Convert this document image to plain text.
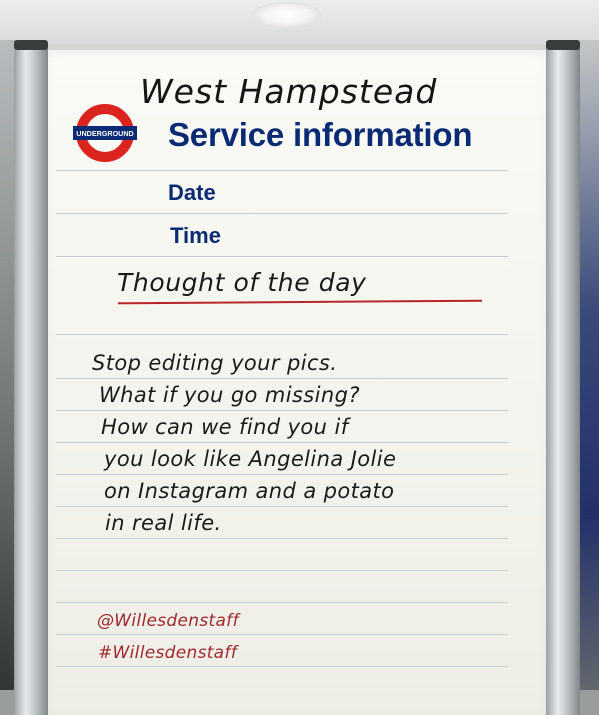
West Hampstead
UNDERGROUND Service information
Date
Time
Thought of the day
Stop editing your pics.
What if you go missing?
How can we find you if
you look like Angelina Jolie
on Instagram and a potato
in real life.
@Willesdenstaff
#Willesdenstaff
